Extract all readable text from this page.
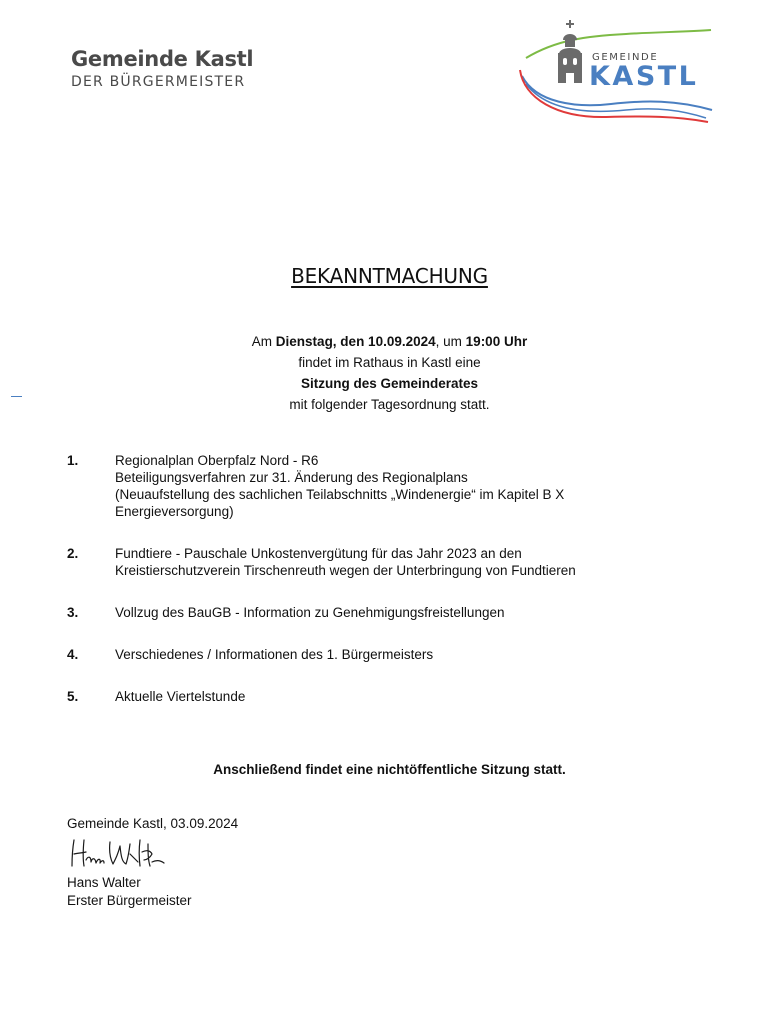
Gemeinde Kastl
DER BÜRGERMEISTER
GEMEINDE
KASTL
BEKANNTMACHUNG
Am Dienstag, den 10.09.2024, um 19:00 Uhr
findet im Rathaus in Kastl eine
Sitzung des Gemeinderates
mit folgender Tagesordnung statt.
1.	Regionalplan Oberpfalz Nord - R6
Beteiligungsverfahren zur 31. Änderung des Regionalplans
(Neuaufstellung des sachlichen Teilabschnitts „Windenergie“ im Kapitel B X
Energieversorgung)
2.	Fundtiere - Pauschale Unkostenvergütung für das Jahr 2023 an den
Kreistierschutzverein Tirschenreuth wegen der Unterbringung von Fundtieren
3.	Vollzug des BauGB - Information zu Genehmigungsfreistellungen
4.	Verschiedenes / Informationen des 1. Bürgermeisters
5.	Aktuelle Viertelstunde
Anschließend findet eine nichtöffentliche Sitzung statt.
Gemeinde Kastl, 03.09.2024
Hans Walter
Erster Bürgermeister
